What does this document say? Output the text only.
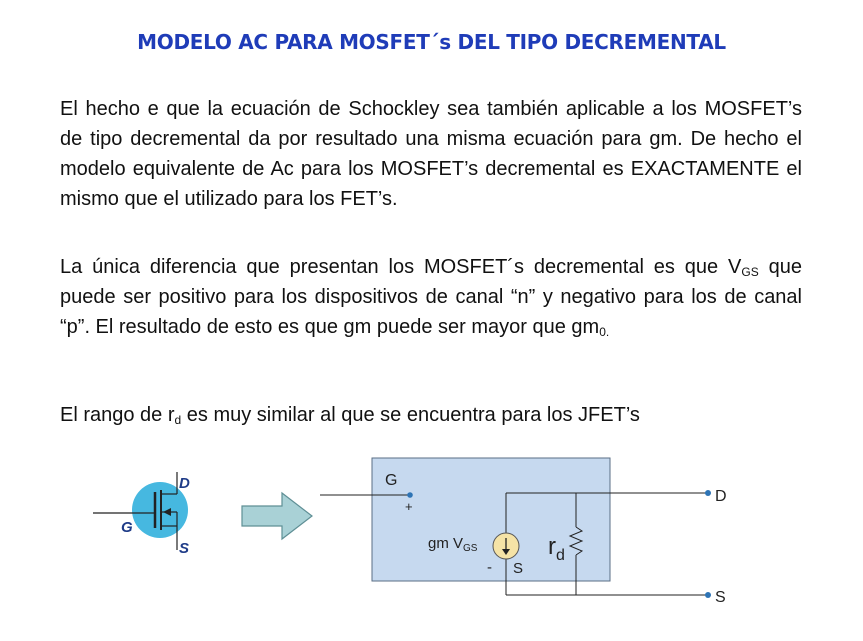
MODELO AC PARA MOSFET´s DEL TIPO DECREMENTAL

El hecho e que la ecuación de Schockley sea también aplicable a los MOSFET’s de tipo decremental da por resultado una misma ecuación para gm. De hecho el modelo equivalente de Ac para los MOSFET’s decremental es EXACTAMENTE el mismo que el utilizado para los FET’s.

La única diferencia que presentan los MOSFET´s decremental es que $V_{GS}$ que puede ser positivo para los dispositivos de canal “n” y negativo para los de canal “p”. El resultado de esto es que gm puede ser mayor que $gm_{0.}$

El rango de $r_d$ es muy similar al que se encuentra para los JFET’s

D
G
S
G
+
D
S
gm $V_{GS}$
- S
$r_d$
